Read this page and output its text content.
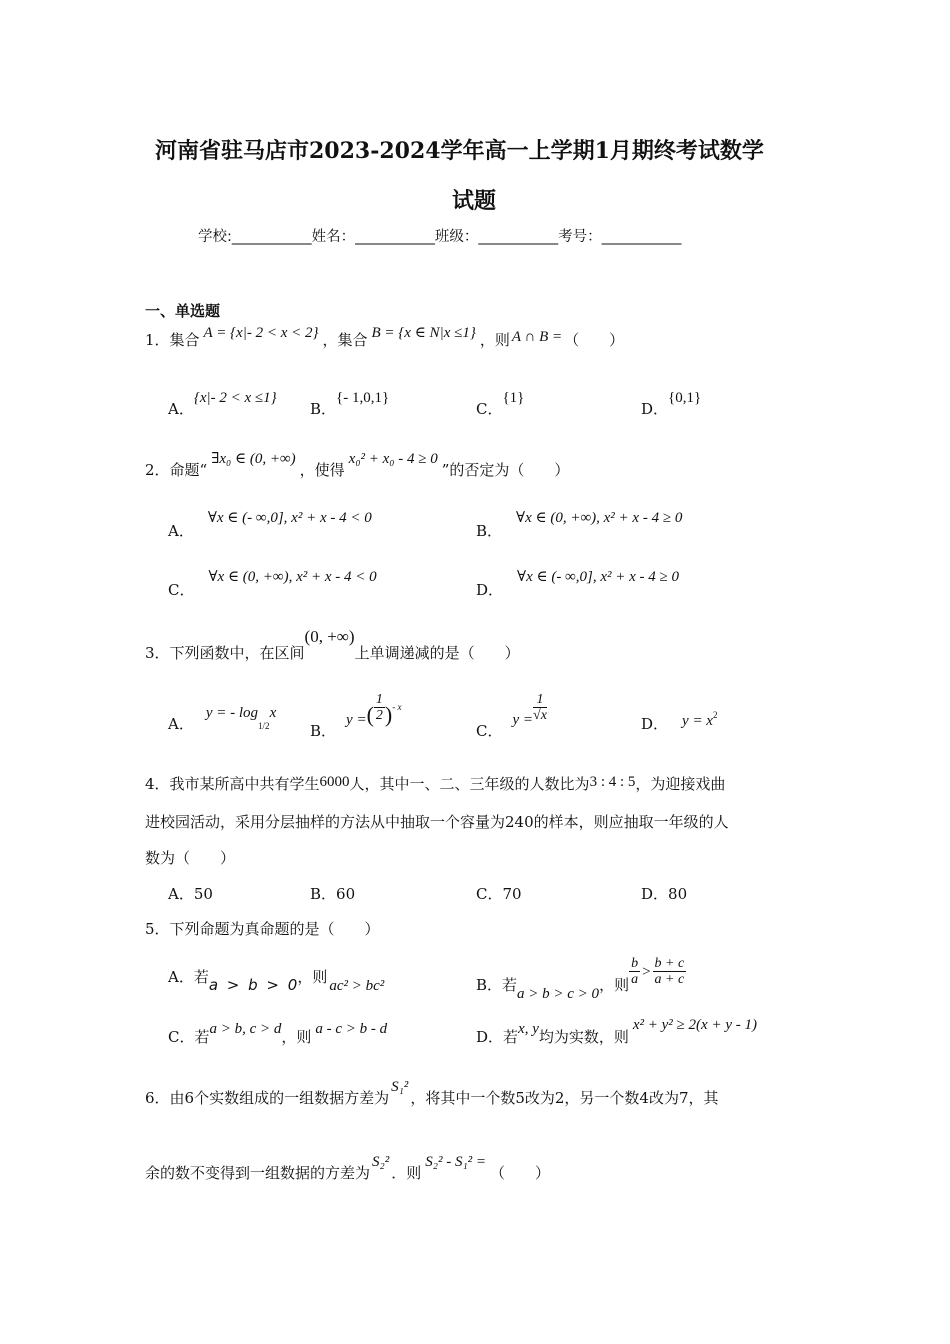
河南省驻马店市2023-2024学年高一上学期1月期终考试数学
试题
学校:___________姓名：___________班级：___________考号：___________
一、单选题
1．集合 A = {x|- 2 < x < 2} ，集合 B = {x ∈ N|x ≤1} ，则 A ∩ B = （　　）
A．{x|- 2 < x ≤1}
B．{- 1,0,1}
C．{1}
D．{0,1}
2．命题“∃x₀ ∈ (0, +∞)，使得x₀² + x₀ - 4 ≥ 0”的否定为（　　）
A．∀x ∈ (- ∞,0], x² + x - 4 < 0
B．∀x ∈ (0, +∞), x² + x - 4 ≥ 0
C．∀x ∈ (0, +∞), x² + x - 4 < 0
D．∀x ∈ (- ∞,0], x² + x - 4 ≥ 0
3．下列函数中，在区间(0, +∞)上单调递减的是（　　）
A．y = - $\log_{1/2}x$
B．y =( $\frac{1}{2}$ )- x
C．$y = \frac{1}{√x}$
D． $y = x^2$
4．我市某所高中共有学生6000人，其中一、二、三年级的人数比为3 : 4 : 5，为迎接戏曲
进校园活动，采用分层抽样的方法从中抽取一个容量为240的样本，则应抽取一年级的人
数为（　　）
A．50	B．60	C．70	D．80
5．下列命题为真命题的是（　　）
A．若a > b > 0，则 ac² > bc²	B．若a > b > c > 0，则 $\frac{b}{a} > \frac{b + c}{a + c}$
C．若a > b, c > d，则 a - c > b - d	D．若x, y均为实数，则x² + y² ≥ 2(x + y - 1)
6．由6个实数组成的一组数据方差为S₁²，将其中一个数5改为2，另一个数4改为7，其
余的数不变得到一组数据的方差为S₂²．则S₂² - S₁² =（　　）
